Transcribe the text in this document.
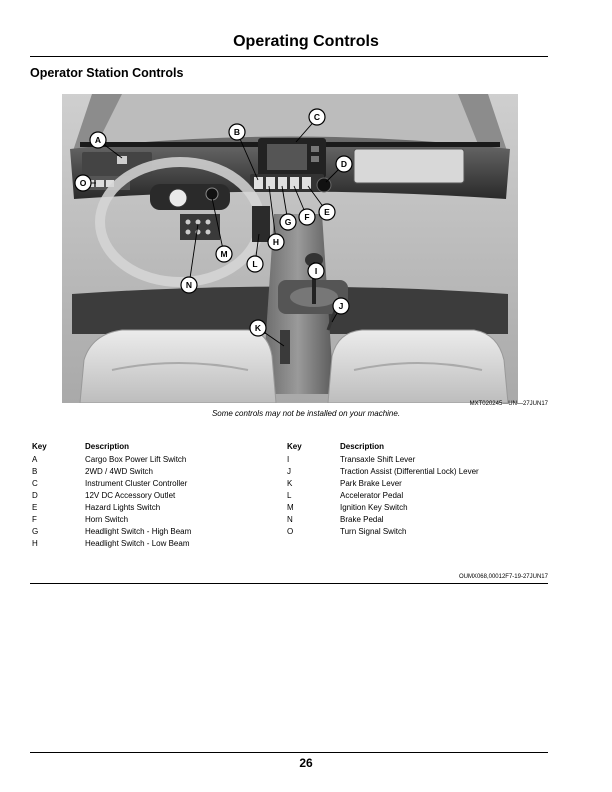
Operating Controls
Operator Station Controls
A
B
C
D
E
F
G
H
I
J
K
L
M
N
O
MXT020245—UN—27JUN17
Some controls may not be installed on your machine.
Key	Description
A	Cargo Box Power Lift Switch
B	2WD / 4WD Switch
C	Instrument Cluster Controller
D	12V DC Accessory Outlet
E	Hazard Lights Switch
F	Horn Switch
G	Headlight Switch - High Beam
H	Headlight Switch - Low Beam
Key	Description
I	Transaxle Shift Lever
J	Traction Assist (Differential Lock) Lever
K	Park Brake Lever
L	Accelerator Pedal
M	Ignition Key Switch
N	Brake Pedal
O	Turn Signal Switch
OUMX068,00012F7-19-27JUN17
26
